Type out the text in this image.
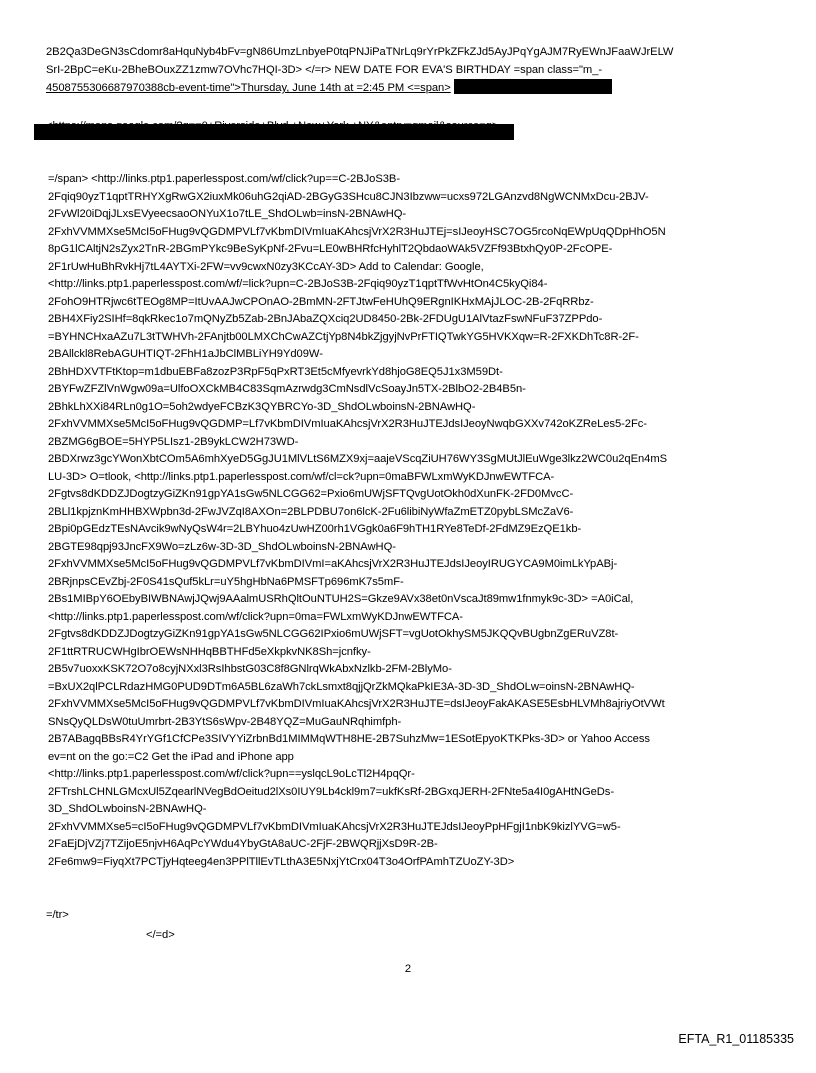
2B2Qa3DeGN3sCdomr8aHquNyb4bFv=gN86UmzLnbyeP0tqPNJiPaTNrLq9rYrPkZFkZJd5AyJPqYgAJM7RyEWnJFaaWJrELW
SrI-2BpC=eKu-2BheBOuxZZ1zmw7OVhc7HQI-3D> </=r> NEW DATE FOR EVA'S BIRTHDAY =span class="m_-
4508755306687970388cb-event-time">Thursday, June 14th at =2:45 PM <=span>
=/span> <http://links.ptp1.paperlesspost.com/wf/click?up==C-2BJoS3B-
2Fqiq90yzT1qptTRHYXgRwGX2iuxMk06uhG2qiAD-2BGyG3SHcu8CJN3Ibzww=ucxs972LGAnzvd8NgWCNMxDcu-2BJV-
2FvWl20iDqjJLxsEVyeecsaoONYuX1o7tLE_ShdOLwb=insN-2BNAwHQ-
2FxhVVMMXse5McI5oFHug9vQGDMPVLf7vKbmDIVmIuaKAhcsjVrX2R3HuJTEj=sIJeoyHSC7OG5rcoNqEWpUqQDpHhO5N
8pG1lCAltjN2sZyx2TnR-2BGmPYkc9BeSyKpNf-2Fvu=LE0wBHRfcHyhlT2QbdaoWAk5VZFf93BtxhQy0P-2FcOPE-
2F1rUwHuBhRvkHj7tL4AYTXi-2FW=vv9cwxN0zy3KCcAY-3D> Add to Calendar: Google,
<http://links.ptp1.paperlesspost.com/wf/=lick?upn=C-2BJoS3B-2Fqiq90yzT1qptTfWvHtOn4C5kyQi84-
2FohO9HTRjwc6tTEOg8MP=ItUvAAJwCPOnAO-2BmMN-2FTJtwFeHUhQ9ERgnIKHxMAjJLOC-2B-2FqRRbz-
2BH4XFiy2SIHf=8qkRkec1o7mQNyZb5Zab-2BnJAbaZQXciq2UD8450-2Bk-2FDUgU1AlVtazFswNFuF37ZPPdo-
=BYHNCHxaAZu7L3tTWHVh-2FAnjtb00LMXChCwAZCtjYp8N4bkZjgyjNvPrFTIQTwkYG5HVKXqw=R-2FXKDhTc8R-2F-
2BAllckl8RebAGUHTIQT-2FhH1aJbClMBLiYH9Yd09W-
2BhHDXVTFtKtop=m1dbuEBFa8zozP3RpF5qPxRT3Et5cMfyevrkYd8hjoG8EQ5J1x3M59Dt-
2BYFwZFZlVnWgw09a=UlfoOXCkMB4C83SqmAzrwdg3CmNsdlVcSoayJn5TX-2BlbO2-2B4B5n-
2BhkLhXXi84RLn0g1O=5oh2wdyeFCBzK3QYBRCYo-3D_ShdOLwboinsN-2BNAwHQ-
2FxhVVMMXse5McI5oFHug9vQGDMP=Lf7vKbmDIVmIuaKAhcsjVrX2R3HuJTEJdsIJeoyNwqbGXXv742oKZReLes5-2Fc-
2BZMG6gBOE=5HYP5LIsz1-2B9ykLCW2H73WD-
2BDXrwz3gcYWonXbtCOm5A6mhXyeD5GgJU1MlVLtS6MZX9xj=aajeVScqZiUH76WY3SgMUtJlEuWge3lkz2WC0u2qEn4mS
LU-3D> O=tlook, <http://links.ptp1.paperlesspost.com/wf/cl=ck?upn=0maBFWLxmWyKDJnwEWTFCA-
2Fgtvs8dKDDZJDogtzyGiZKn91gpYA1sGw5NLCGG62=Pxio6mUWjSFTQvgUotOkh0dXunFK-2FD0MvcC-
2BLl1kpjznKmHHBXWpbn3d-2FwJVZqI8AXOn=2BLPDBU7on6lcK-2Fu6libiNyWfaZmETZ0pybLSMcZaV6-
2Bpi0pGEdzTEsNAvcik9wNyQsW4r=2LBYhuo4zUwHZ00rh1VGgk0a6F9hTH1RYe8TeDf-2FdMZ9EzQE1kb-
2BGTE98qpj93JncFX9Wo=zLz6w-3D-3D_ShdOLwboinsN-2BNAwHQ-
2FxhVVMMXse5McI5oFHug9vQGDMPVLf7vKbmDIVmI=aKAhcsjVrX2R3HuJTEJdsIJeoyIRUGYCA9M0imLkYpABj-
2BRjnpsCEvZbj-2F0S41sQuf5kLr=uY5hgHbNa6PMSFTp696mK7s5mF-
2Bs1MIBpY6OEbyBIWBNAwjJQwj9AAalmUSRhQltOuNTUH2S=Gkze9AVx38et0nVscaJt89mw1fnmyk9c-3D> =A0iCal,
<http://links.ptp1.paperlesspost.com/wf/click?upn=0ma=FWLxmWyKDJnwEWTFCA-
2Fgtvs8dKDDZJDogtzyGiZKn91gpYA1sGw5NLCGG62IPxio6mUWjSFT=vgUotOkhySM5JKQQvBUgbnZgERuVZ8t-
2F1ttRTRUCWHgIbrOEWsNHHqBBTHFd5eXkpkvNK8Sh=jcnfky-
2B5v7uoxxKSK72O7o8cyjNXxl3RsIhbstG03C8f8GNlrqWkAbxNzlkb-2FM-2BlyMo-
=BxUX2qlPCLRdazHMG0PUD9DTm6A5BL6zaWh7ckLsmxt8qjjQrZkMQkaPkIE3A-3D-3D_ShdOLw=oinsN-2BNAwHQ-
2FxhVVMMXse5McI5oFHug9vQGDMPVLf7vKbmDIVmIuaKAhcsjVrX2R3HuJTE=dsIJeoyFakAKASE5EsbHLVMh8ajriyOtVWt
SNsQyQLDsW0tuUmrbrt-2B3YtS6sWpv-2B48YQZ=MuGauNRqhimfph-
2B7ABagqBBsR4YrYGf1CfCPe3SIVYYiZrbnBd1MIMMqWTH8HE-2B7SuhzMw=1ESotEpyoKTKPks-3D> or Yahoo Access
ev=nt on the go:=C2 Get the iPad and iPhone app
<http://links.ptp1.paperlesspost.com/wf/click?upn==yslqcL9oLcTl2H4pqQr-
2FTrshLCHNLGMcxUl5ZqearlNVegBdOeitud2lXs0IUY9Lb4ckl9m7=ukfKsRf-2BGxqJERH-2FNte5a4I0gAHtNGeDs-
3D_ShdOLwboinsN-2BNAwHQ-
2FxhVVMMXse5=cI5oFHug9vQGDMPVLf7vKbmDIVmIuaKAhcsjVrX2R3HuJTEJdsIJeoyPpHFgjI1nbK9kizlYVG=w5-
2FaEjDjVZj7TZijoE5njvH6AqPcYWdu4YbyGtA8aUC-2FjF-2BWQRjjXsD9R-2B-
2Fe6mw9=FiyqXt7PCTjyHqteeg4en3PPlTllEvTLthA3E5NxjYtCrx04T3o4OrfPAmhTZUoZY-3D>
=/tr>
</=d>
2
EFTA_R1_01185335
